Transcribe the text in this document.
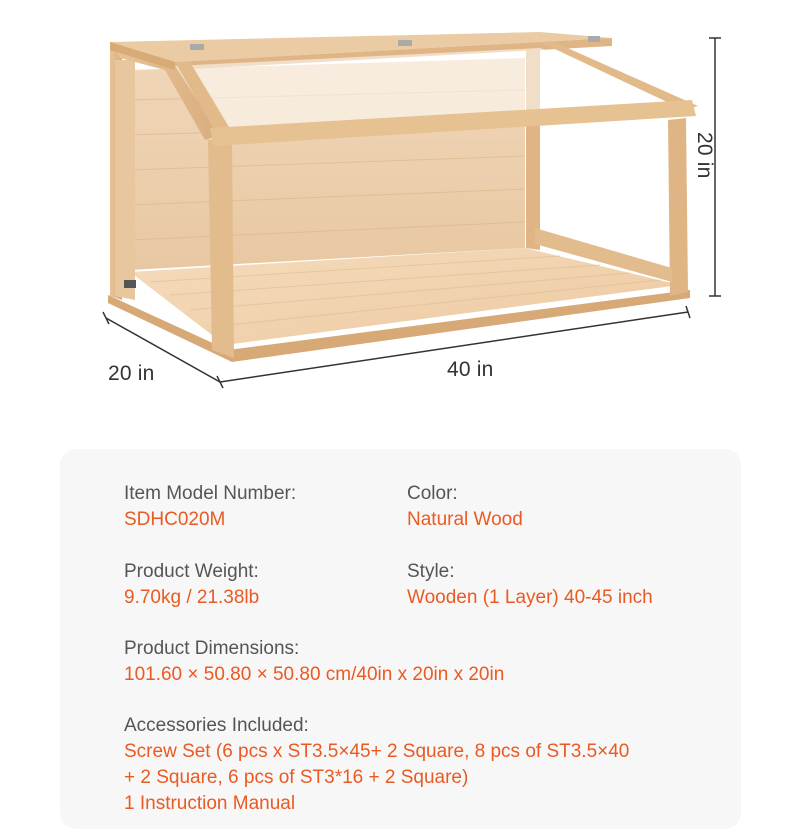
20 in
20 in	40 in
Item Model Number:
SDHC020M
Color:
Natural Wood
Product Weight:
9.70kg / 21.38lb
Style:
Wooden (1 Layer) 40-45 inch
Product Dimensions:
101.60 × 50.80 × 50.80 cm/40in x 20in x 20in
Accessories Included:
Screw Set (6 pcs x ST3.5×45+ 2 Square, 8 pcs of ST3.5×40
+ 2 Square, 6 pcs of ST3*16 + 2 Square)
1 Instruction Manual
